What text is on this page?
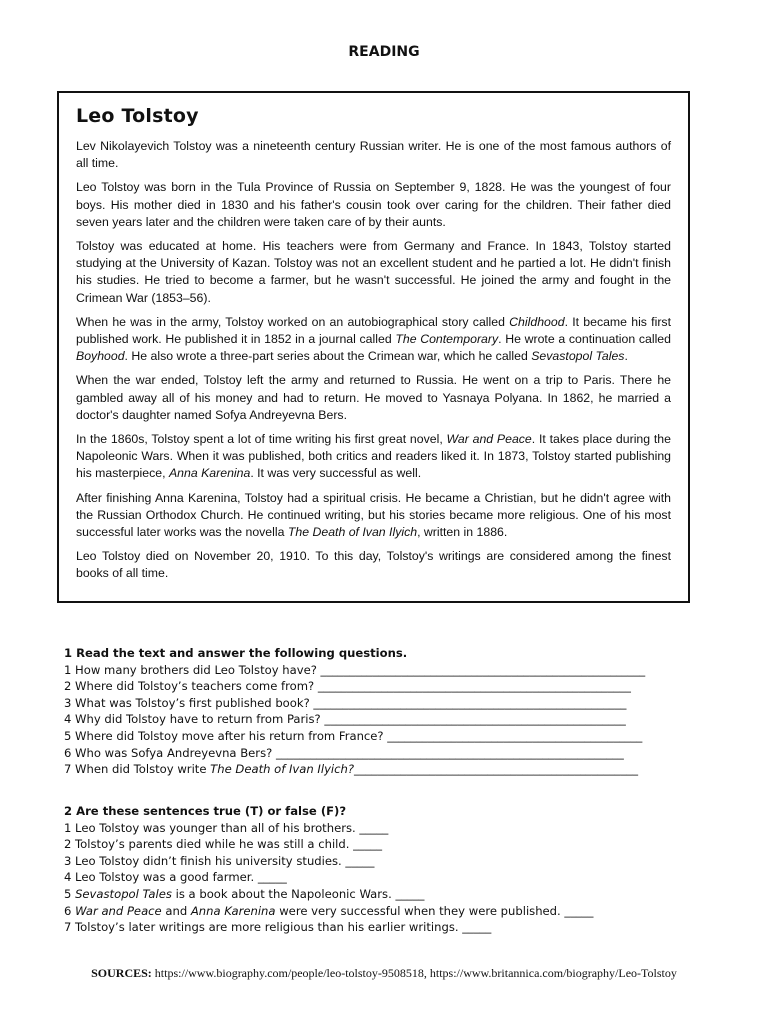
READING
Leo Tolstoy

Lev Nikolayevich Tolstoy was a nineteenth century Russian writer. He is one of the most famous authors of all time.

Leo Tolstoy was born in the Tula Province of Russia on September 9, 1828. He was the youngest of four boys. His mother died in 1830 and his father's cousin took over caring for the children. Their father died seven years later and the children were taken care of by their aunts.

Tolstoy was educated at home. His teachers were from Germany and France. In 1843, Tolstoy started studying at the University of Kazan. Tolstoy was not an excellent student and he partied a lot. He didn't finish his studies. He tried to become a farmer, but he wasn't successful. He joined the army and fought in the Crimean War (1853–56).

When he was in the army, Tolstoy worked on an autobiographical story called Childhood. It became his first published work. He published it in 1852 in a journal called The Contemporary. He wrote a continuation called Boyhood. He also wrote a three-part series about the Crimean war, which he called Sevastopol Tales.

When the war ended, Tolstoy left the army and returned to Russia. He went on a trip to Paris. There he gambled away all of his money and had to return. He moved to Yasnaya Polyana. In 1862, he married a doctor's daughter named Sofya Andreyevna Bers.

In the 1860s, Tolstoy spent a lot of time writing his first great novel, War and Peace. It takes place during the Napoleonic Wars. When it was published, both critics and readers liked it. In 1873, Tolstoy started publishing his masterpiece, Anna Karenina. It was very successful as well.

After finishing Anna Karenina, Tolstoy had a spiritual crisis. He became a Christian, but he didn't agree with the Russian Orthodox Church. He continued writing, but his stories became more religious. One of his most successful later works was the novella The Death of Ivan Ilyich, written in 1886.

Leo Tolstoy died on November 20, 1910. To this day, Tolstoy's writings are considered among the finest books of all time.

1 Read the text and answer the following questions.
1 How many brothers did Leo Tolstoy have? ________________________________________________________
2 Where did Tolstoy’s teachers come from? ______________________________________________________
3 What was Tolstoy’s first published book? ______________________________________________________
4 Why did Tolstoy have to return from Paris? ____________________________________________________
5 Where did Tolstoy move after his return from France? ____________________________________________
6 Who was Sofya Andreyevna Bers? ____________________________________________________________
7 When did Tolstoy write The Death of Ivan Ilyich?_________________________________________________
2 Are these sentences true (T) or false (F)?
1 Leo Tolstoy was younger than all of his brothers. _____
2 Tolstoy’s parents died while he was still a child. _____
3 Leo Tolstoy didn’t finish his university studies. _____
4 Leo Tolstoy was a good farmer. _____
5 Sevastopol Tales is a book about the Napoleonic Wars. _____
6 War and Peace and Anna Karenina were very successful when they were published. _____
7 Tolstoy’s later writings are more religious than his earlier writings. _____
SOURCES: https://www.biography.com/people/leo-tolstoy-9508518, https://www.britannica.com/biography/Leo-Tolstoy
